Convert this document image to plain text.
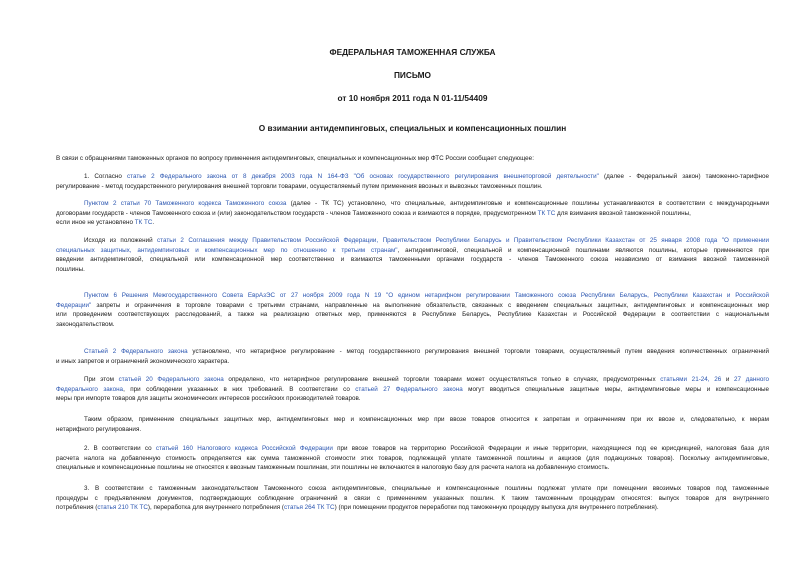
ФЕДЕРАЛЬНАЯ ТАМОЖЕННАЯ СЛУЖБА
ПИСЬМО
от 10 ноября 2011 года N 01-11/54409
О взимании антидемпинговых, специальных и компенсационных пошлин
В связи с обращениями таможенных органов по вопросу применения антидемпинговых, специальных и компенсационных мер ФТС России сообщает следующее:
1. Согласно статье 2 Федерального закона от 8 декабря 2003 года N 164-ФЗ "Об основах государственного регулирования внешнеторговой деятельности" (далее - Федеральный закон) таможенно-тарифное
регулирование - метод государственного регулирования внешней торговли товарами, осуществляемый путем применения ввозных и вывозных таможенных пошлин.
Пунктом 2 статьи 70 Таможенного кодекса Таможенного союза (далее - ТК ТС) установлено, что специальные, антидемпинговые и компенсационные пошлины устанавливаются в соответствии с международными
договорами государств - членов Таможенного союза и (или) законодательством государств - членов Таможенного союза и взимаются в порядке, предусмотренном ТК ТС для взимания ввозной таможенной пошлины,
если иное не установлено ТК ТС.
Исходя из положений статьи 2 Соглашения между Правительством Российской Федерации, Правительством Республики Беларусь и Правительством Республики Казахстан от 25 января 2008 года "О применении
специальных защитных, антидемпинговых и компенсационных мер по отношению к третьим странам", антидемпинговой, специальной и компенсационной пошлинами являются пошлины, которые применяются при
введении антидемпинговой, специальной или компенсационной мер соответственно и взимаются таможенными органами государств - членов Таможенного союза независимо от взимания ввозной таможенной
пошлины.
Пунктом 6 Решения Межгосударственного Совета ЕврАзЭС от 27 ноября 2009 года N 19 "О едином нетарифном регулировании Таможенного союза Республики Беларусь, Республики Казахстан и Российской
Федерации" запреты и ограничения в торговле товарами с третьими странами, направленные на выполнение обязательств, связанных с введением специальных защитных, антидемпинговых и компенсационных мер
или проведением соответствующих расследований, а также на реализацию ответных мер, применяются в Республике Беларусь, Республике Казахстан и Российской Федерации в соответствии с национальным
законодательством.
Статьей 2 Федерального закона установлено, что нетарифное регулирование - метод государственного регулирования внешней торговли товарами, осуществляемый путем введения количественных ограничений
и иных запретов и ограничений экономического характера.
При этом статьей 20 Федерального закона определено, что нетарифное регулирование внешней торговли товарами может осуществляться только в случаях, предусмотренных статьями 21-24, 26 и 27 данного
Федерального закона, при соблюдении указанных в них требований. В соответствии со статьей 27 Федерального закона могут вводиться специальные защитные меры, антидемпинговые меры и компенсационные
меры при импорте товаров для защиты экономических интересов российских производителей товаров.
Таким образом, применение специальных защитных мер, антидемпинговых мер и компенсационных мер при ввозе товаров относится к запретам и ограничениям при их ввозе и, следовательно, к мерам
нетарифного регулирования.
2. В соответствии со статьей 160 Налогового кодекса Российской Федерации при ввозе товаров на территорию Российской Федерации и иные территории, находящиеся под ее юрисдикцией, налоговая база для
расчета налога на добавленную стоимость определяется как сумма таможенной стоимости этих товаров, подлежащей уплате таможенной пошлины и акцизов (для подакцизных товаров). Поскольку антидемпинговые,
специальные и компенсационные пошлины не относятся к ввозным таможенным пошлинам, эти пошлины не включаются в налоговую базу для расчета налога на добавленную стоимость.
3. В соответствии с таможенным законодательством Таможенного союза антидемпинговые, специальные и компенсационные пошлины подлежат уплате при помещении ввозимых товаров под таможенные
процедуры с предъявлением документов, подтверждающих соблюдение ограничений в связи с применением указанных пошлин. К таким таможенным процедурам относятся: выпуск товаров для внутреннего
потребления (статья 210 ТК ТС), переработка для внутреннего потребления (статья 264 ТК ТС) (при помещении продуктов переработки под таможенную процедуру выпуска для внутреннего потребления).
